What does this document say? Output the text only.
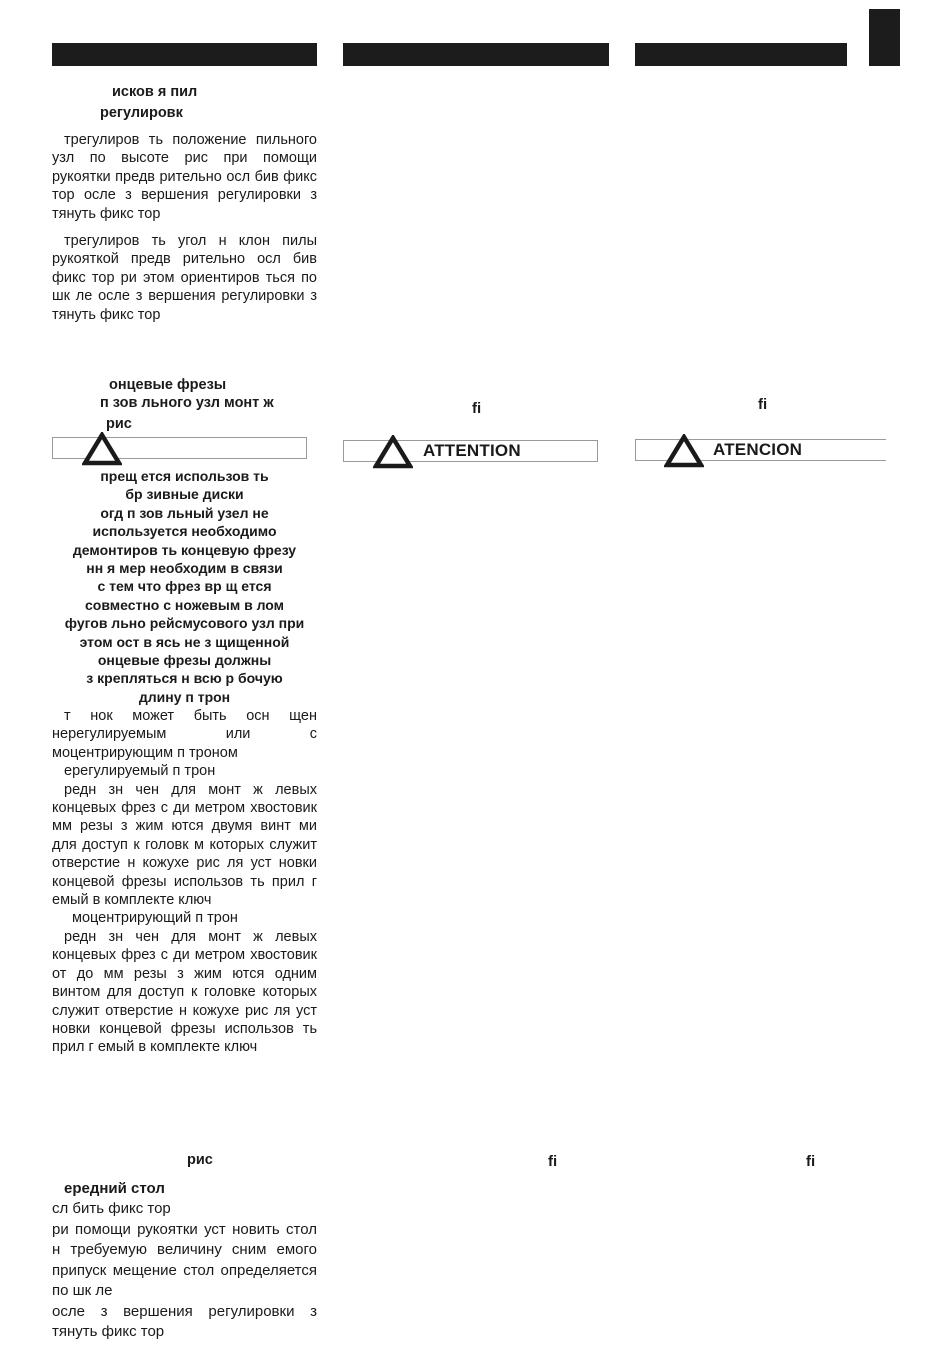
исков я пил
регулировк

трегулиров ть положение пильного узл по высоте рис при помощи рукоятки предв рительно осл бив фикс тор осле з вершения регулировки з тянуть фикс тор

трегулиров ть угол н клон пилы рукояткой предв рительно осл бив фикс тор ри этом ориентиров ться по шк ле осле з вершения регулировки з тянуть фикс тор

онцевые фрезы
п зов льного узл монт ж
рис

прещ ется использов ть

бр зивные диски

огд п зов льный узел не

используется необходимо

демонтиров ть концевую фрезу

нн я мер необходим в связи

с тем что фрез вр щ ется

совместно с ножевым в лом

фугов льно рейсмусового узл при

этом ост в ясь не з щищенной

онцевые фрезы должны

з крепляться н всю р бочую

длину п трон

т нок может быть осн щен нерегулируемым или с моцентрирующим п троном

ерегулируемый п трон

редн зн чен для монт ж левых концевых фрез с ди метром хвостовик мм резы з жим ются двумя винт ми для доступ к головк м которых служит отверстие н кожухе рис ля уст новки концевой фрезы использов ть прил г емый в комплекте ключ

моцентрирующий п трон

редн зн чен для монт ж левых концевых фрез с ди метром хвостовик от до мм резы з жим ются одним винтом для доступ к головке которых служит отверстие н кожухе рис ля уст новки концевой фрезы использов ть прил г емый в комплекте ключ

рис
ередний стол

сл бить фикс тор

ри помощи рукоятки уст новить стол н требуемую величину сним емого припуск мещение стол определяется по шк ле

осле з вершения регулировки з тянуть фикс тор

fi
ATTENTION
fi
fi
ATENCION
fi
